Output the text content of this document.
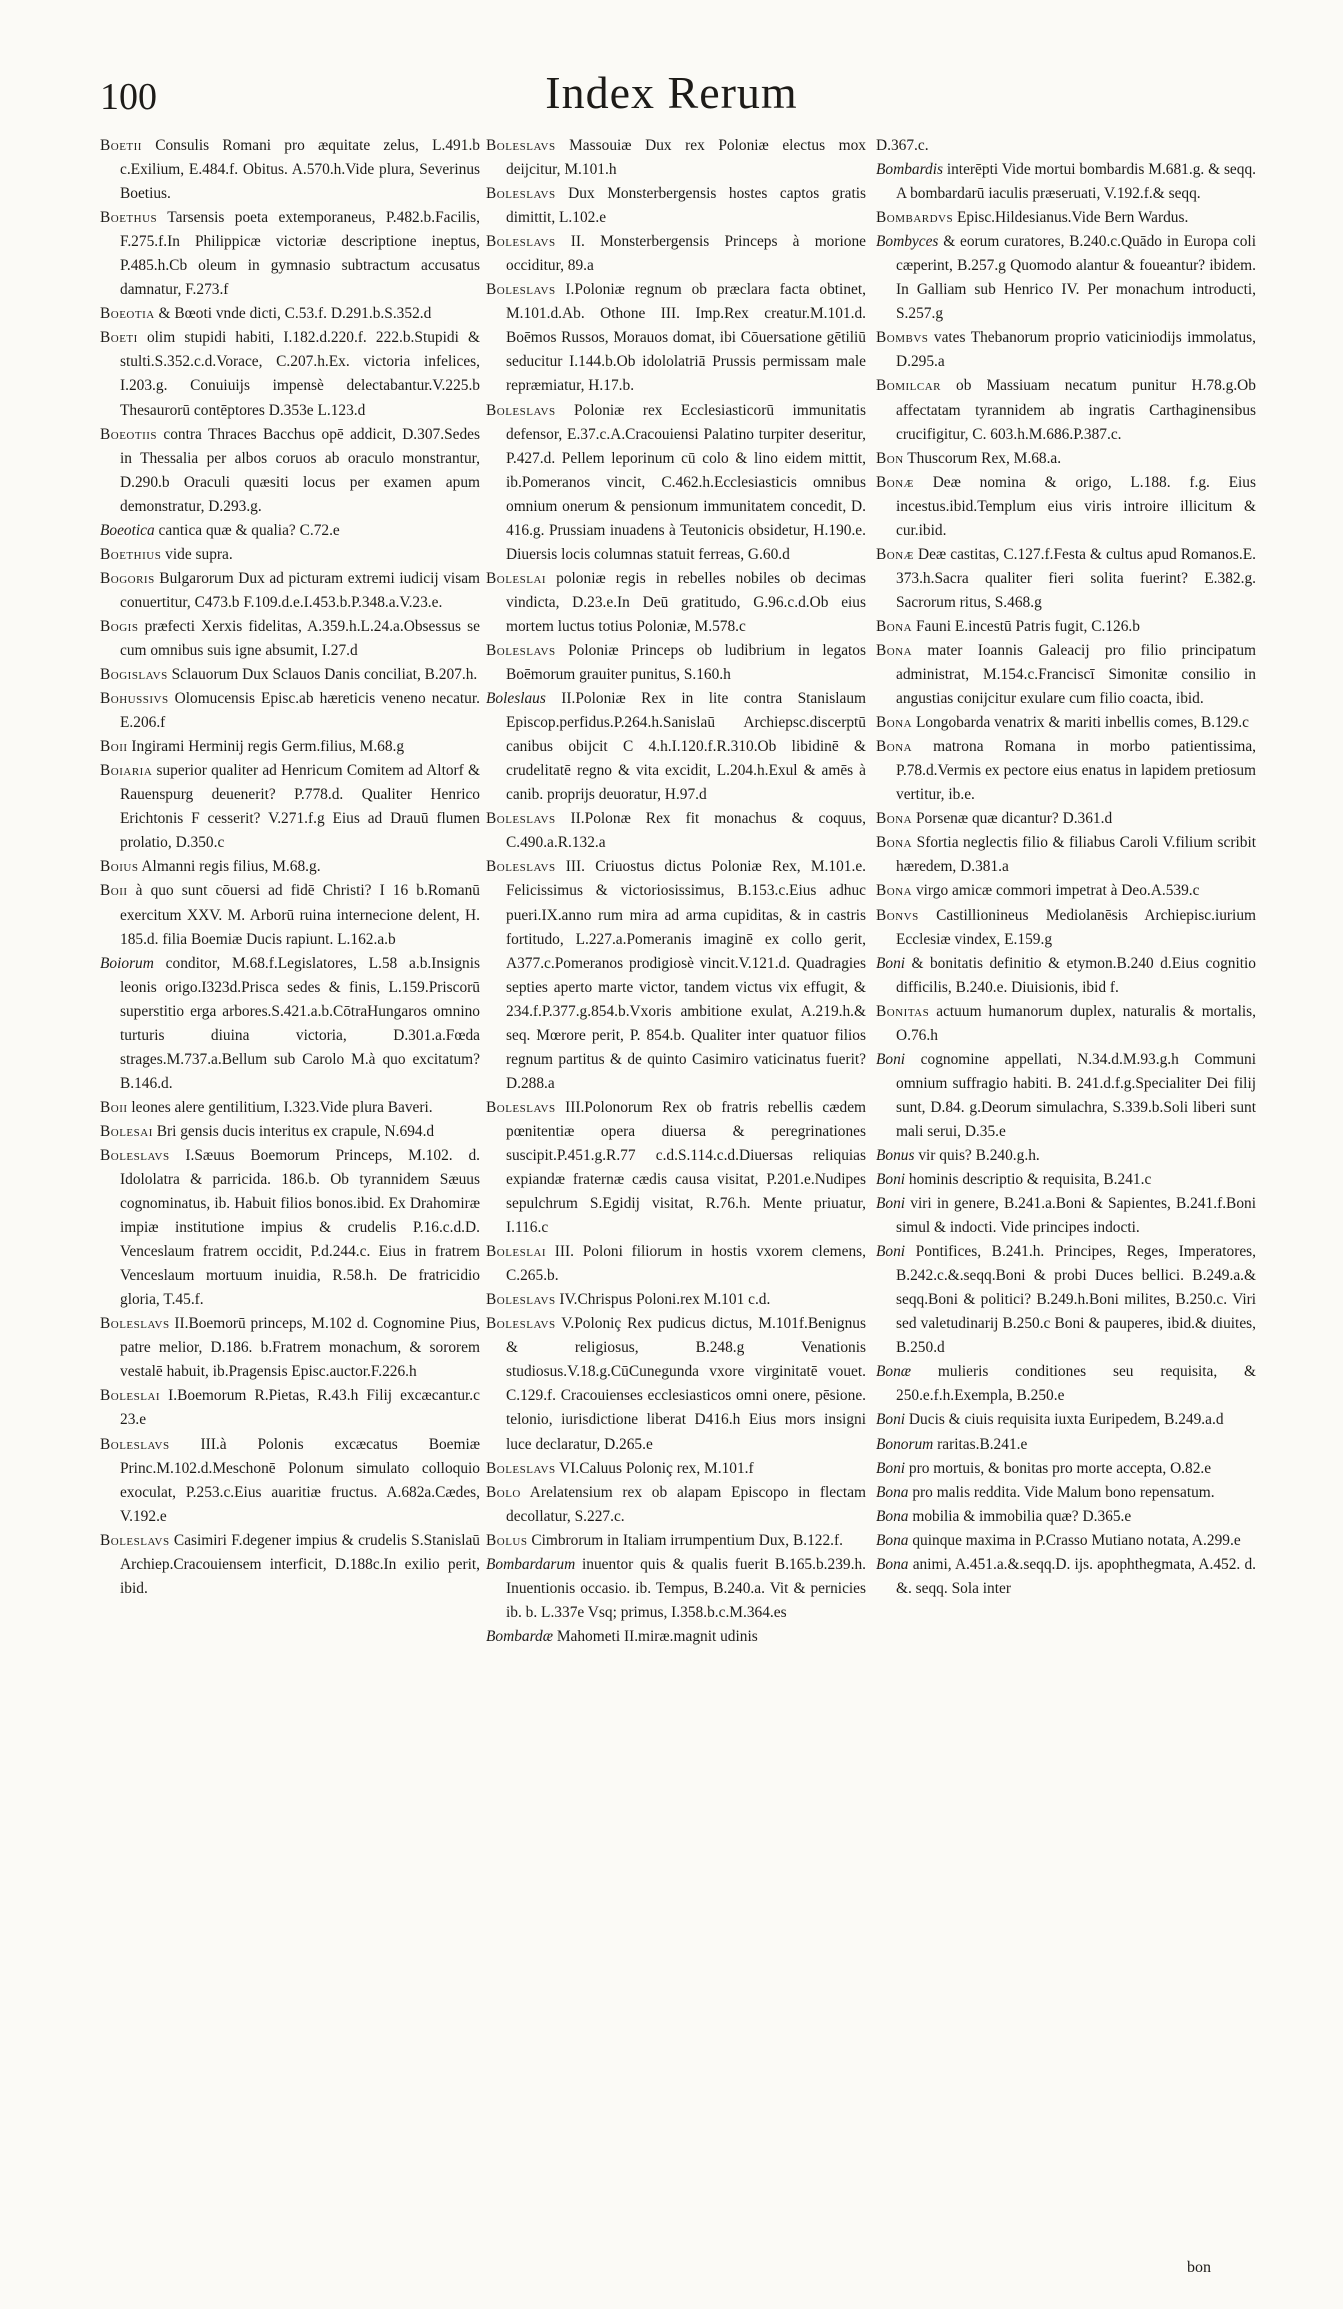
100	Index Rerum

Boetii Consulis Romani pro æquitate zelus, L.491.b c.Exilium, E.484.f. Obitus. A.570.h.Vide plura, Severinus Boetius.

Boethus Tarsensis poeta extemporaneus, P.482.b.Facilis, F.275.f.In Philippicæ victoriæ descriptione ineptus, P.485.h.Cb oleum in gymnasio subtractum accusatus damnatur, F.273.f

Boeotia & Bœoti vnde dicti, C.53.f. D.291.b.S.352.d

Boeti olim stupidi habiti, I.182.d.220.f. 222.b.Stupidi & stulti.S.352.c.d.Vorace, C.207.h.Ex. victoria infelices, I.203.g. Conuiuijs impensè delectabantur.V.225.b Thesaurorū contēptores D.353e L.123.d

Boeotiis contra Thraces Bacchus opē addicit, D.307.Sedes in Thessalia per albos coruos ab oraculo monstrantur, D.290.b Oraculi quæsiti locus per examen apum demonstratur, D.293.g.

Boeotica cantica quæ & qualia? C.72.e

Boethius vide supra.

Bogoris Bulgarorum Dux ad picturam extremi iudicij visam conuertitur, C473.b F.109.d.e.I.453.b.P.348.a.V.23.e.

Bogis præfecti Xerxis fidelitas, A.359.h.L.24.a.Obsessus se cum omnibus suis igne absumit, I.27.d

Bogislavs Sclauorum Dux Sclauos Danis conciliat, B.207.h.

Bohussivs Olomucensis Episc.ab hæreticis veneno necatur. E.206.f

Boii Ingirami Herminij regis Germ.filius, M.68.g

Boiaria superior qualiter ad Henricum Comitem ad Altorf & Rauenspurg deuenerit? P.778.d. Qualiter Henrico Erichtonis F cesserit? V.271.f.g Eius ad Drauū flumen prolatio, D.350.c

Boius Almanni regis filius, M.68.g.

Boii à quo sunt cōuersi ad fidē Christi? I 16 b.Romanū exercitum XXV. M. Arborū ruina internecione delent, H. 185.d. filia Boemiæ Ducis rapiunt. L.162.a.b

Boiorum conditor, M.68.f.Legislatores, L.58 a.b.Insignis leonis origo.I323d.Prisca sedes & finis, L.159.Priscorū superstitio erga arbores.S.421.a.b.CōtraHungaros omnino turturis diuina victoria, D.301.a.Fœda strages.M.737.a.Bellum sub Carolo M.à quo excitatum? B.146.d.

Boii leones alere gentilitium, I.323.Vide plura Baveri.

Bolesai Bri gensis ducis interitus ex crapule, N.694.d

Boleslavs I.Sæuus Boemorum Princeps, M.102. d. Idololatra & parricida. 186.b. Ob tyrannidem Sæuus cognominatus, ib. Habuit filios bonos.ibid. Ex Drahomiræ impiæ institutione impius & crudelis P.16.c.d.D. Venceslaum fratrem occidit, P.d.244.c. Eius in fratrem Venceslaum mortuum inuidia, R.58.h. De fratricidio gloria, T.45.f.

Boleslavs II.Boemorū princeps, M.102 d. Cognomine Pius, patre melior, D.186. b.Fratrem monachum, & sororem vestalē habuit, ib.Pragensis Episc.auctor.F.226.h

Boleslai I.Boemorum R.Pietas, R.43.h Filij excæcantur.c 23.e

Boleslavs III.à Polonis excæcatus Boemiæ Princ.M.102.d.Meschonē Polonum simulato colloquio exoculat, P.253.c.Eius auaritiæ fructus. A.682a.Cædes, V.192.e

Boleslavs Casimiri F.degener impius & crudelis S.Stanislaū Archiep.Cracouiensem interficit, D.188c.In exilio perit, ibid.

Boleslavs Massouiæ Dux rex Poloniæ electus mox deijcitur, M.101.h

Boleslavs Dux Monsterbergensis hostes captos gratis dimittit, L.102.e

Boleslavs II. Monsterbergensis Princeps à morione occiditur, 89.a

Boleslavs I.Poloniæ regnum ob præclara facta obtinet, M.101.d.Ab. Othone III. Imp.Rex creatur.M.101.d. Boēmos Russos, Morauos domat, ibi Cōuersatione gētiliū seducitur I.144.b.Ob idololatriā Prussis permissam male repræmiatur, H.17.b.

Boleslavs Poloniæ rex Ecclesiasticorū immunitatis defensor, E.37.c.A.Cracouiensi Palatino turpiter deseritur, P.427.d. Pellem leporinum cū colo & lino eidem mittit, ib.Pomeranos vincit, C.462.h.Ecclesiasticis omnibus omnium onerum & pensionum immunitatem concedit, D. 416.g. Prussiam inuadens à Teutonicis obsidetur, H.190.e. Diuersis locis columnas statuit ferreas, G.60.d

Boleslai poloniæ regis in rebelles nobiles ob decimas vindicta, D.23.e.In Deū gratitudo, G.96.c.d.Ob eius mortem luctus totius Poloniæ, M.578.c

Boleslavs Poloniæ Princeps ob ludibrium in legatos Boēmorum grauiter punitus, S.160.h

Boleslaus II.Poloniæ Rex in lite contra Stanislaum Episcop.perfidus.P.264.h.Sanislaū Archiepsc.discerptū canibus obijcit C 4.h.I.120.f.R.310.Ob libidinē & crudelitatē regno & vita excidit, L.204.h.Exul & amēs à canib. proprijs deuoratur, H.97.d

Boleslavs II.Polonæ Rex fit monachus & coquus, C.490.a.R.132.a

Boleslavs III. Criuostus dictus Poloniæ Rex, M.101.e. Felicissimus & victoriosissimus, B.153.c.Eius adhuc pueri.IX.anno rum mira ad arma cupiditas, & in castris fortitudo, L.227.a.Pomeranis imaginē ex collo gerit, A377.c.Pomeranos prodigiosè vincit.V.121.d. Quadragies septies aperto marte victor, tandem victus vix effugit, & 234.f.P.377.g.854.b.Vxoris ambitione exulat, A.219.h.& seq. Mœrore perit, P. 854.b. Qualiter inter quatuor filios regnum partitus & de quinto Casimiro vaticinatus fuerit? D.288.a

Boleslavs III.Polonorum Rex ob fratris rebellis cædem pœnitentiæ opera diuersa & peregrinationes suscipit.P.451.g.R.77 c.d.S.114.c.d.Diuersas reliquias expiandæ fraternæ cædis causa visitat, P.201.e.Nudipes sepulchrum S.Egidij visitat, R.76.h. Mente priuatur, I.116.c

Boleslai III. Poloni filiorum in hostis vxorem clemens, C.265.b.

Boleslavs IV.Chrispus Poloni.rex M.101 c.d.

Boleslavs V.Poloniç Rex pudicus dictus, M.101f.Benignus & religiosus, B.248.g Venationis studiosus.V.18.g.CūCunegunda vxore virginitatē vouet. C.129.f. Cracouienses ecclesiasticos omni onere, pēsione. telonio, iurisdictione liberat D416.h Eius mors insigni luce declaratur, D.265.e

Boleslavs VI.Caluus Poloniç rex, M.101.f

Bolo Arelatensium rex ob alapam Episcopo in flectam decollatur, S.227.c.

Bolus Cimbrorum in Italiam irrumpentium Dux, B.122.f.

Bombardarum inuentor quis & qualis fuerit B.165.b.239.h. Inuentionis occasio. ib. Tempus, B.240.a. Vit & pernicies ib. b. L.337e Vsq; primus, I.358.b.c.M.364.es

Bombardæ Mahometi II.miræ.magnit udinis

D.367.c.

Bombardis interēpti Vide mortui bombardis M.681.g. & seqq. A bombardarū iaculis præseruati, V.192.f.& seqq.

Bombardvs Episc.Hildesianus.Vide Bern Wardus.

Bombyces & eorum curatores, B.240.c.Quādo in Europa coli cæperint, B.257.g Quomodo alantur & foueantur? ibidem. In Galliam sub Henrico IV. Per monachum introducti, S.257.g

Bombvs vates Thebanorum proprio vaticiniodijs immolatus, D.295.a

Bomilcar ob Massiuam necatum punitur H.78.g.Ob affectatam tyrannidem ab ingratis Carthaginensibus crucifigitur, C. 603.h.M.686.P.387.c.

Bon Thuscorum Rex, M.68.a.

Bonæ Deæ nomina & origo, L.188. f.g. Eius incestus.ibid.Templum eius viris introire illicitum & cur.ibid.

Bonæ Deæ castitas, C.127.f.Festa & cultus apud Romanos.E. 373.h.Sacra qualiter fieri solita fuerint? E.382.g. Sacrorum ritus, S.468.g

Bona Fauni E.incestū Patris fugit, C.126.b

Bona mater Ioannis Galeacij pro filio principatum administrat, M.154.c.Franciscī Simonitæ consilio in angustias conijcitur exulare cum filio coacta, ibid.

Bona Longobarda venatrix & mariti inbellis comes, B.129.c

Bona matrona Romana in morbo patientissima, P.78.d.Vermis ex pectore eius enatus in lapidem pretiosum vertitur, ib.e.

Bona Porsenæ quæ dicantur? D.361.d

Bona Sfortia neglectis filio & filiabus Caroli V.filium scribit hæredem, D.381.a

Bona virgo amicæ commori impetrat à Deo.A.539.c

Bonvs Castillionineus Mediolanēsis Archiepisc.iurium Ecclesiæ vindex, E.159.g

Boni & bonitatis definitio & etymon.B.240 d.Eius cognitio difficilis, B.240.e. Diuisionis, ibid f.

Bonitas actuum humanorum duplex, naturalis & mortalis, O.76.h

Boni cognomine appellati, N.34.d.M.93.g.h Communi omnium suffragio habiti. B. 241.d.f.g.Specialiter Dei filij sunt, D.84. g.Deorum simulachra, S.339.b.Soli liberi sunt mali serui, D.35.e

Bonus vir quis? B.240.g.h.

Boni hominis descriptio & requisita, B.241.c

Boni viri in genere, B.241.a.Boni & Sapientes, B.241.f.Boni simul & indocti. Vide principes indocti.

Boni Pontifices, B.241.h. Principes, Reges, Imperatores, B.242.c.&.seqq.Boni & probi Duces bellici. B.249.a.& seqq.Boni & politici? B.249.h.Boni milites, B.250.c. Viri sed valetudinarij B.250.c Boni & pauperes, ibid.& diuites, B.250.d

Bonæ mulieris conditiones seu requisita, & 250.e.f.h.Exempla, B.250.e

Boni Ducis & ciuis requisita iuxta Euripedem, B.249.a.d

Bonorum raritas.B.241.e

Boni pro mortuis, & bonitas pro morte accepta, O.82.e

Bona pro malis reddita. Vide Malum bono repensatum.

Bona mobilia & immobilia quæ? D.365.e

Bona quinque maxima in P.Crasso Mutiano notata, A.299.e

Bona animi, A.451.a.&.seqq.D. ijs. apophthegmata, A.452. d. &. seqq. Sola inter

bon
